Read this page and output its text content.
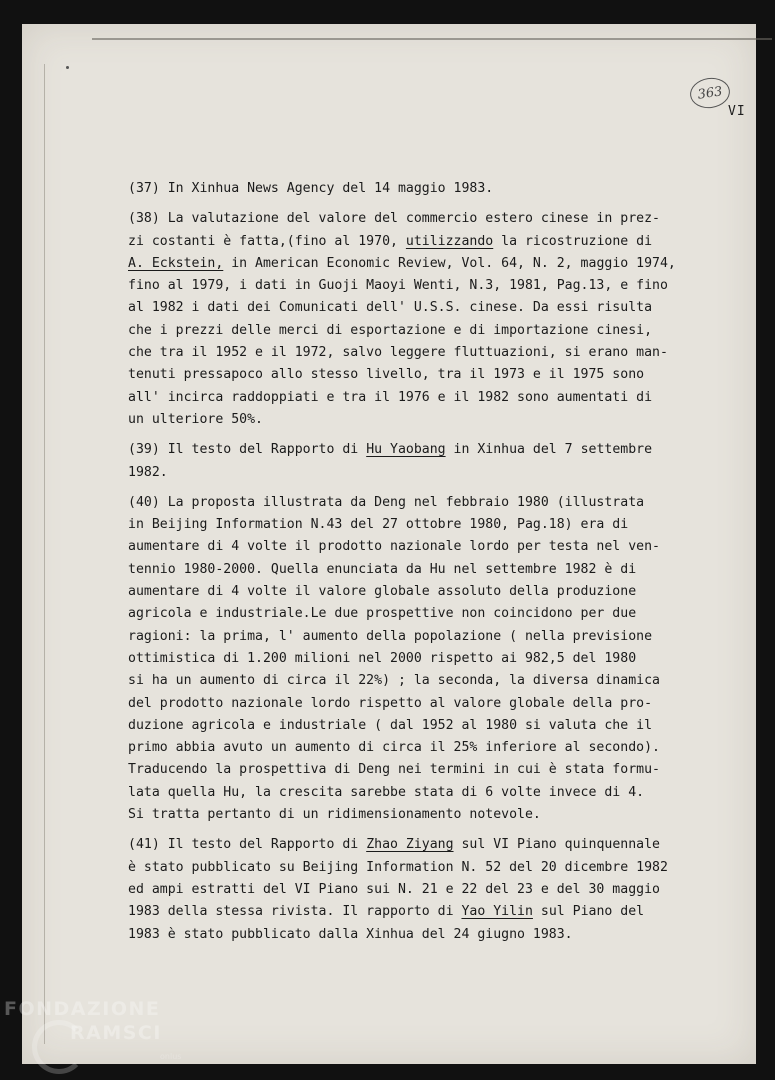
363
VI
(37) In Xinhua News Agency del 14 maggio 1983.
(38) La valutazione del valore del commercio estero cinese in prez-
zi costanti è fatta,(fino al 1970, utilizzando la ricostruzione di
A. Eckstein, in American Economic Review, Vol. 64, N. 2, maggio 1974,
fino al 1979, i dati in Guoji Maoyi Wenti, N.3, 1981, Pag.13, e fino
al 1982 i dati dei Comunicati dell' U.S.S. cinese. Da essi risulta
che i prezzi delle merci di esportazione e di importazione cinesi,
che tra il 1952 e il 1972, salvo leggere fluttuazioni, si erano man-
tenuti pressapoco allo stesso livello, tra il 1973 e il 1975 sono
all' incirca raddoppiati e tra il 1976 e il 1982 sono aumentati di
un ulteriore 50%.
(39) Il testo del Rapporto di Hu Yaobang in Xinhua del 7 settembre
1982.
(40) La proposta illustrata da Deng nel febbraio 1980 (illustrata
in Beijing Information N.43 del 27 ottobre 1980, Pag.18) era di
aumentare di 4 volte il prodotto nazionale lordo per testa nel ven-
tennio 1980-2000. Quella enunciata da Hu nel settembre 1982 è di
aumentare di 4 volte il valore globale assoluto della produzione
agricola e industriale.Le due prospettive non coincidono per due
ragioni: la prima, l' aumento della popolazione ( nella previsione
ottimistica di 1.200 milioni nel 2000 rispetto ai 982,5 del 1980
si ha un aumento di circa il 22%) ; la seconda, la diversa dinamica
del prodotto nazionale lordo rispetto al valore globale della pro-
duzione agricola e industriale ( dal 1952 al 1980 si valuta che il
primo abbia avuto un aumento di circa il 25% inferiore al secondo).
Traducendo la prospettiva di Deng nei termini in cui è stata formu-
lata quella Hu, la crescita sarebbe stata di 6 volte invece di 4.
Si tratta pertanto di un ridimensionamento notevole.
(41) Il testo del Rapporto di Zhao Ziyang sul VI Piano quinquennale
è stato pubblicato su Beijing Information N. 52 del 20 dicembre 1982
ed ampi estratti del VI Piano sui N. 21 e 22 del 23 e del 30 maggio
1983 della stessa rivista. Il rapporto di Yao Yilin sul Piano del
1983 è stato pubblicato dalla Xinhua del 24 giugno 1983.
FONDAZIONE
RAMSCI
onlus
